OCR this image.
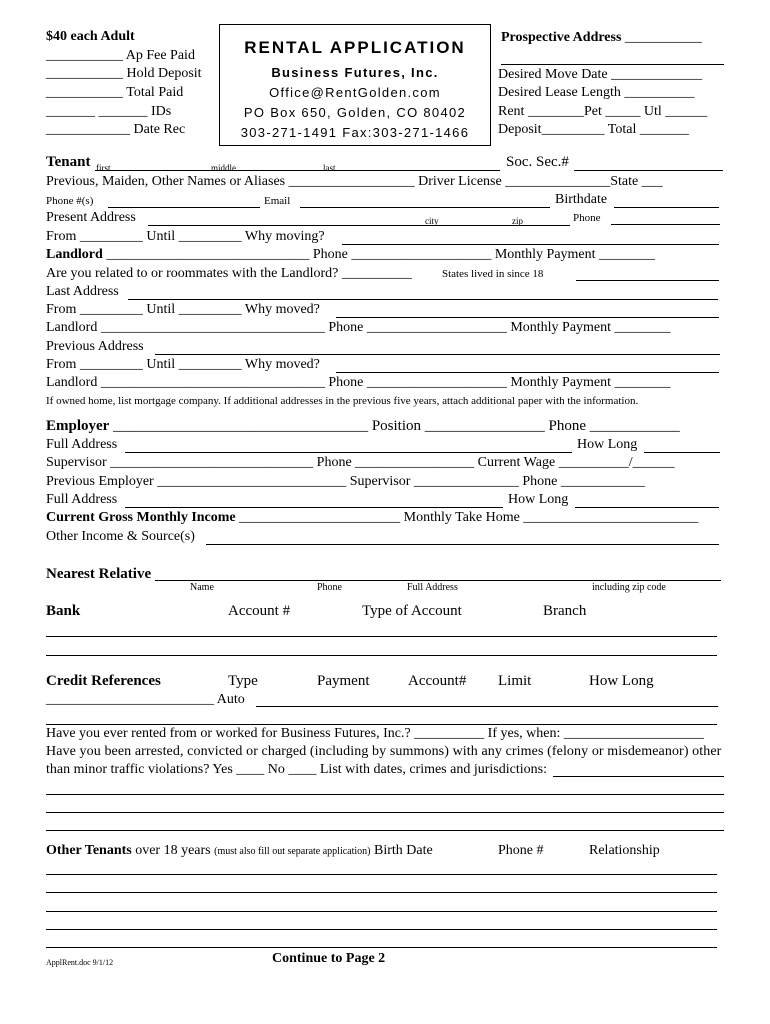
$40 each Adult
___________ Ap Fee Paid
___________ Hold Deposit
___________ Total Paid
_______ _______ IDs
____________ Date Rec
RENTAL APPLICATION
Business Futures, Inc.
Office@RentGolden.com
PO Box 650, Golden, CO 80402
303-271-1491 Fax:303-271-1466
Prospective Address ___________
Desired Move Date _____________
Desired Lease Length __________
Rent ________Pet _____ Utl ______
Deposit_________ Total _______
Tenant first	middle	last	Soc. Sec.#
Previous, Maiden, Other Names or Aliases __________________ Driver License _______________State ___
Phone #(s)	Email	Birthdate
Present Address	city	zip	Phone
From _________ Until _________ Why moving?
Landlord _____________________________ Phone ____________________ Monthly Payment ________
Are you related to or roommates with the Landlord? __________	States lived in since 18
Last Address
From _________ Until _________ Why moved?
Landlord ________________________________ Phone ____________________ Monthly Payment ________
Previous Address
From _________ Until _________ Why moved?
Landlord ________________________________ Phone ____________________ Monthly Payment ________
If owned home, list mortgage company. If additional addresses in the previous five years, attach additional paper with the information.
Employer __________________________________ Position ________________ Phone ____________
Full Address	How Long
Supervisor _____________________________ Phone _________________ Current Wage __________/______
Previous Employer ___________________________ Supervisor _______________ Phone ____________
Full Address	How Long
Current Gross Monthly Income _______________________ Monthly Take Home _________________________
Other Income & Source(s)
Nearest Relative
Name	Phone	Full Address	including zip code
Bank	Account #	Type of Account	Branch
Credit References	Type	Payment	Account# Limit	How Long
________________________ Auto
Have you ever rented from or worked for Business Futures, Inc.? __________ If yes, when: ____________________
Have you been arrested, convicted or charged (including by summons) with any crimes (felony or misdemeanor) other
than minor traffic violations? Yes ____ No ____ List with dates, crimes and jurisdictions:
Other Tenants over 18 years (must also fill out separate application) Birth Date	Phone #	Relationship
ApplRent.doc 9/1/12	Continue to Page 2
